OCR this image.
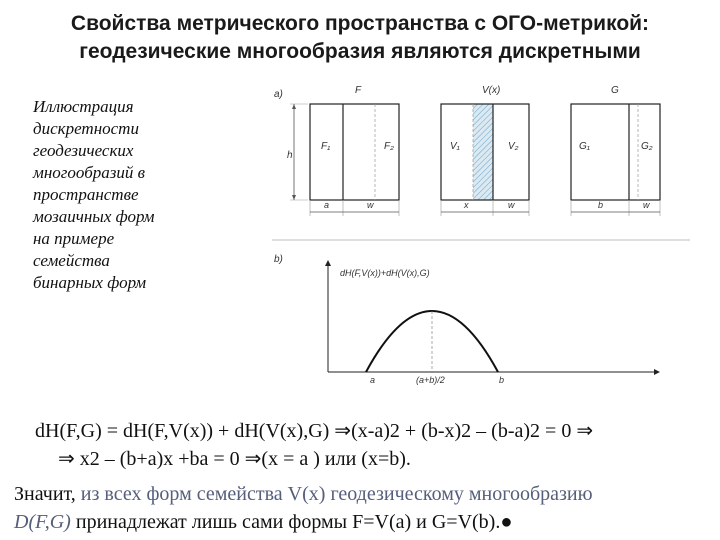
Свойства метрического пространства с ОГО-метрикой:
геодезические многообразия являются дискретными
Иллюстрация
дискретности
геодезических
многообразий в
пространстве
мозаичных форм
на примере
семейства
бинарных форм
a)
h
F
F₁	F₂
a	w
V(x)
V₁	V₂
x	w
G
G₁	G₂
b	w
b)
dH(F,V(x))+dH(V(x),G)
a	(a+b)/2	b
dH(F,G) = dH(F,V(x)) + dH(V(x),G) ⇒(x-a)2 + (b-x)2 – (b-a)2 = 0 ⇒
⇒ x2 – (b+a)x +ba = 0 ⇒(x = a ) или (x=b).
Значит, из всех форм семейства V(x) геодезическому многообразию
D(F,G) принадлежат лишь сами формы F=V(a) и G=V(b).●
